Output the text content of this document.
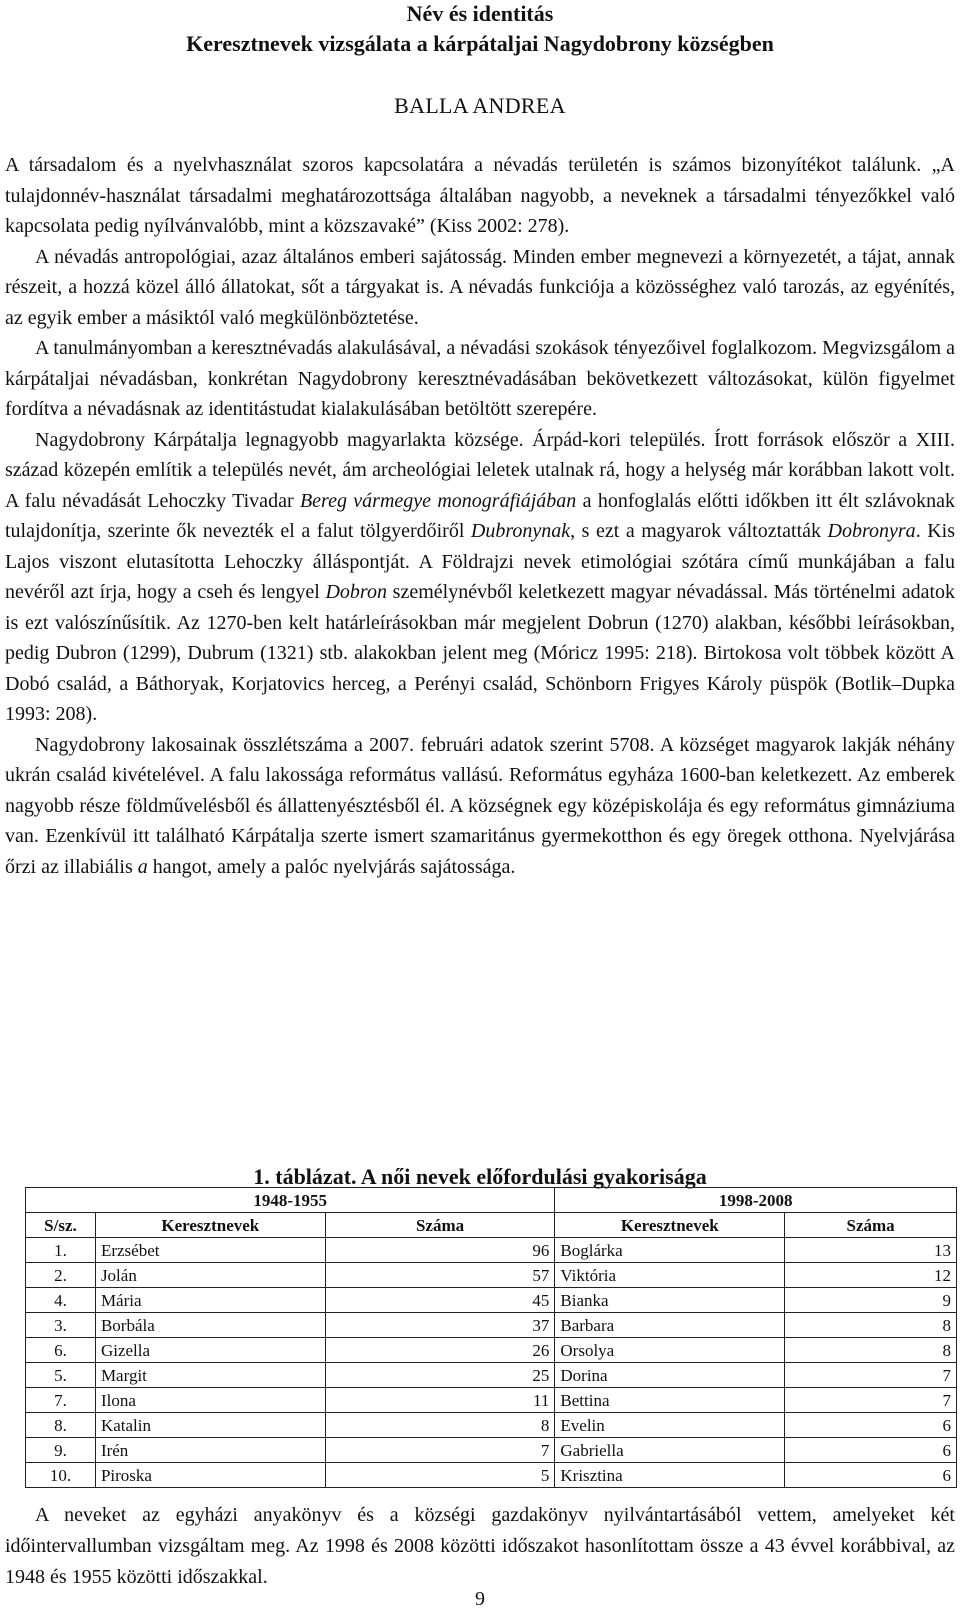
Név és identitás
Keresztnevek vizsgálata a kárpátaljai Nagydobrony községben
BALLA ANDREA

A társadalom és a nyelvhasználat szoros kapcsolatára a névadás területén is számos bizonyítékot találunk. „A tulajdonnév-használat társadalmi meghatározottsága általában nagyobb, a neveknek a társadalmi tényezőkkel való kapcsolata pedig nyílvánvalóbb, mint a közszavaké” (Kiss 2002: 278).

A névadás antropológiai, azaz általános emberi sajátosság. Minden ember megnevezi a környezetét, a tájat, annak részeit, a hozzá közel álló állatokat, sőt a tárgyakat is. A névadás funkciója a közösséghez való tarozás, az egyénítés, az egyik ember a másiktól való megkülönböztetése.

A tanulmányomban a keresztnévadás alakulásával, a névadási szokások tényezőivel foglalkozom. Megvizsgálom a kárpátaljai névadásban, konkrétan Nagydobrony keresztnévadásában bekövetkezett változásokat, külön figyelmet fordítva a névadásnak az identitástudat kialakulásában betöltött szerepére.

Nagydobrony Kárpátalja legnagyobb magyarlakta községe. Árpád-kori település. Írott források először a XIII. század közepén említik a település nevét, ám archeológiai leletek utalnak rá, hogy a helység már korábban lakott volt. A falu névadását Lehoczky Tivadar Bereg vármegye monográfiájában a honfoglalás előtti időkben itt élt szlávoknak tulajdonítja, szerinte ők nevezték el a falut tölgyerdőiről Dubronynak, s ezt a magyarok változtatták Dobronyra. Kis Lajos viszont elutasította Lehoczky álláspontját. A Földrajzi nevek etimológiai szótára című munkájában a falu nevéről azt írja, hogy a cseh és lengyel Dobron személynévből keletkezett magyar névadással. Más történelmi adatok is ezt valószínűsítik. Az 1270-ben kelt határleírásokban már megjelent Dobrun (1270) alakban, későbbi leírásokban, pedig Dubron (1299), Dubrum (1321) stb. alakokban jelent meg (Móricz 1995: 218). Birtokosa volt többek között A Dobó család, a Báthoryak, Korjatovics herceg, a Perényi család, Schönborn Frigyes Károly püspök (Botlik–Dupka 1993: 208).

Nagydobrony lakosainak összlétszáma a 2007. februári adatok szerint 5708. A községet magyarok lakják néhány ukrán család kivételével. A falu lakossága református vallású. Református egyháza 1600-ban keletkezett. Az emberek nagyobb része földművelésből és állattenyésztésből él. A községnek egy középiskolája és egy református gimnáziuma van. Ezenkívül itt található Kárpátalja szerte ismert szamaritánus gyermekotthon és egy öregek otthona. Nyelvjárása őrzi az illabiális a hangot, amely a palóc nyelvjárás sajátossága.

1. táblázat. A női nevek előfordulási gyakorisága
1948-1955			1998-2008	
S/sz.	Keresztnevek	Száma	Keresztnevek	Száma
1.	Erzsébet	96	Boglárka	13
2.	Jolán	57	Viktória	12
4.	Mária	45	Bianka	9
3.	Borbála	37	Barbara	8
6.	Gizella	26	Orsolya	8
5.	Margit	25	Dorina	7
7.	Ilona	11	Bettina	7
8.	Katalin	8	Evelin	6
9.	Irén	7	Gabriella	6
10.	Piroska	5	Krisztina	6

A neveket az egyházi anyakönyv és a községi gazdakönyv nyilvántartásából vettem, amelyeket két időintervallumban vizsgáltam meg. Az 1998 és 2008 közötti időszakot hasonlítottam össze a 43 évvel korábbival, az 1948 és 1955 közötti időszakkal.

9
